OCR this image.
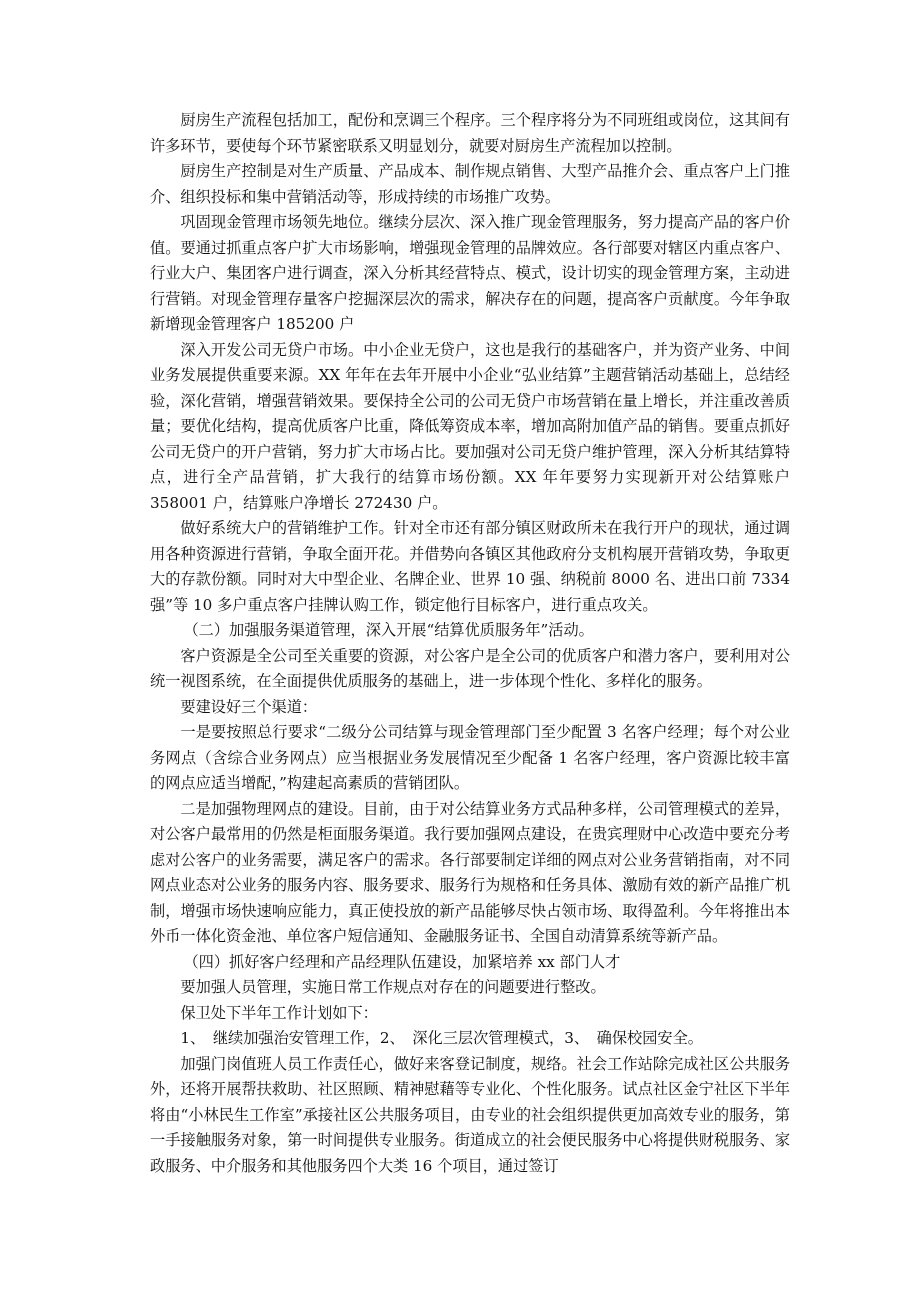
厨房生产流程包括加工，配份和烹调三个程序。三个程序将分为不同班组或岗位，这其间有许多环节，要使每个环节紧密联系又明显划分，就要对厨房生产流程加以控制。

厨房生产控制是对生产质量、产品成本、制作规点销售、大型产品推介会、重点客户上门推介、组织投标和集中营销活动等，形成持续的市场推广攻势。

巩固现金管理市场领先地位。继续分层次、深入推广现金管理服务，努力提高产品的客户价值。要通过抓重点客户扩大市场影响，增强现金管理的品牌效应。各行部要对辖区内重点客户、行业大户、集团客户进行调查，深入分析其经营特点、模式，设计切实的现金管理方案，主动进行营销。对现金管理存量客户挖掘深层次的需求，解决存在的问题，提高客户贡献度。今年争取新增现金管理客户 185200 户

深入开发公司无贷户市场。中小企业无贷户，这也是我行的基础客户，并为资产业务、中间业务发展提供重要来源。XX 年年在去年开展中小企业“弘业结算”主题营销活动基础上，总结经验，深化营销，增强营销效果。要保持全公司的公司无贷户市场营销在量上增长，并注重改善质量；要优化结构，提高优质客户比重，降低筹资成本率，增加高附加值产品的销售。要重点抓好公司无贷户的开户营销，努力扩大市场占比。要加强对公司无贷户维护管理，深入分析其结算特点，进行全产品营销，扩大我行的结算市场份额。XX 年年要努力实现新开对公结算账户 358001 户，结算账户净增长 272430 户。

做好系统大户的营销维护工作。针对全市还有部分镇区财政所未在我行开户的现状，通过调用各种资源进行营销，争取全面开花。并借势向各镇区其他政府分支机构展开营销攻势，争取更大的存款份额。同时对大中型企业、名牌企业、世界 10 强、纳税前 8000 名、进出口前 7334 强”等 10 多户重点客户挂牌认购工作，锁定他行目标客户，进行重点攻关。

（二）加强服务渠道管理，深入开展“结算优质服务年”活动。

客户资源是全公司至关重要的资源，对公客户是全公司的优质客户和潜力客户，要利用对公统一视图系统，在全面提供优质服务的基础上，进一步体现个性化、多样化的服务。

要建设好三个渠道：

一是要按照总行要求“二级分公司结算与现金管理部门至少配置 3 名客户经理；每个对公业务网点（含综合业务网点）应当根据业务发展情况至少配备 1 名客户经理，客户资源比较丰富的网点应适当增配，”构建起高素质的营销团队。

二是加强物理网点的建设。目前，由于对公结算业务方式品种多样，公司管理模式的差异，对公客户最常用的仍然是柜面服务渠道。我行要加强网点建设，在贵宾理财中心改造中要充分考虑对公客户的业务需要，满足客户的需求。各行部要制定详细的网点对公业务营销指南，对不同网点业态对公业务的服务内容、服务要求、服务行为规格和任务具体、激励有效的新产品推广机制，增强市场快速响应能力，真正使投放的新产品能够尽快占领市场、取得盈利。今年将推出本外币一体化资金池、单位客户短信通知、金融服务证书、全国自动清算系统等新产品。

（四）抓好客户经理和产品经理队伍建设，加紧培养 xx 部门人才

要加强人员管理，实施日常工作规点对存在的问题要进行整改。

保卫处下半年工作计划如下：

1、　继续加强治安管理工作，2、　深化三层次管理模式，3、　确保校园安全。

加强门岗值班人员工作责任心，做好来客登记制度，规络。社会工作站除完成社区公共服务外，还将开展帮扶救助、社区照顾、精神慰藉等专业化、个性化服务。试点社区金宁社区下半年将由“小林民生工作室”承接社区公共服务项目，由专业的社会组织提供更加高效专业的服务，第一手接触服务对象，第一时间提供专业服务。街道成立的社会便民服务中心将提供财税服务、家政服务、中介服务和其他服务四个大类 16 个项目，通过签订
